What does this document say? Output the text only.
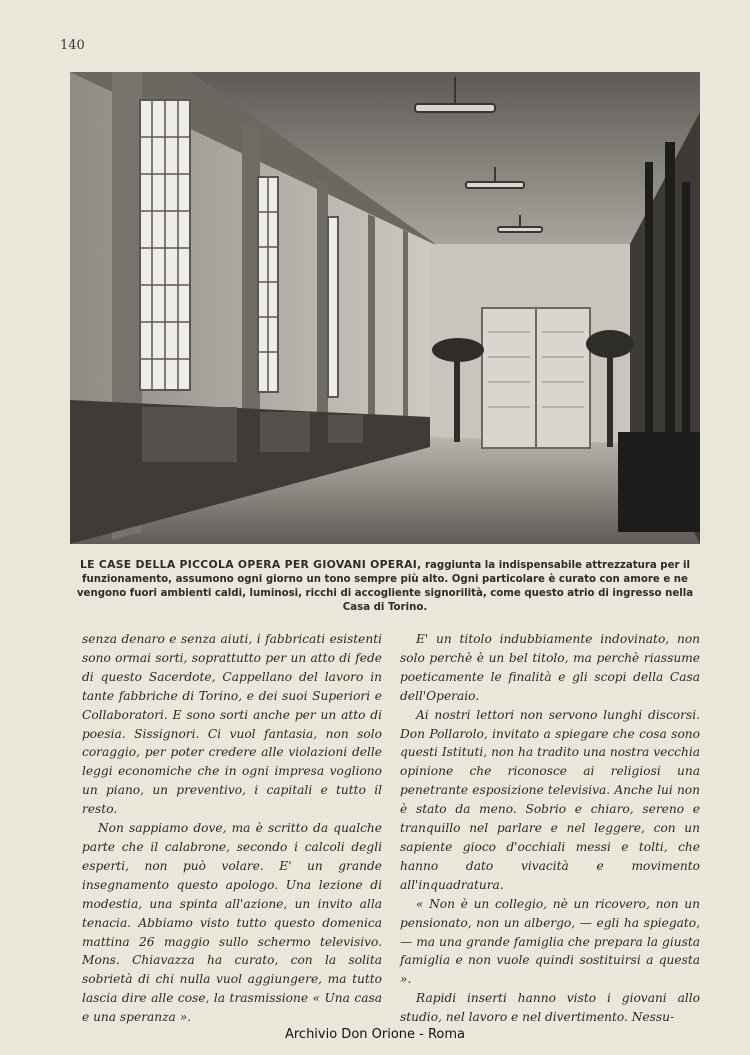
140
LE CASE DELLA PICCOLA OPERA PER GIOVANI OPERAI, raggiunta la indispensabile attrezzatura per il funzionamento, assumono ogni giorno un tono sempre più alto. Ogni particolare è curato con amore e ne vengono fuori ambienti caldi, luminosi, ricchi di accogliente signorilità, come questo atrio di ingresso nella Casa di Torino.

senza denaro e senza aiuti, i fabbricati esistenti sono ormai sorti, soprattutto per un atto di fede di questo Sacerdote, Cappellano del lavoro in tante fabbriche di Torino, e dei suoi Superiori e Collaboratori. E sono sorti anche per un atto di poesia. Sissignori. Ci vuol fantasia, non solo coraggio, per poter credere alle violazioni delle leggi economiche che in ogni impresa vogliono un piano, un preventivo, i capitali e tutto il resto.

Non sappiamo dove, ma è scritto da qualche parte che il calabrone, secondo i calcoli degli esperti, non può volare. E' un grande insegnamento questo apologo. Una lezione di modestia, una spinta all'azione, un invito alla tenacia. Abbiamo visto tutto questo domenica mattina 26 maggio sullo schermo televisivo. Mons. Chiavazza ha curato, con la solita sobrietà di chi nulla vuol aggiungere, ma tutto lascia dire alle cose, la trasmissione « Una casa e una speranza ».

E' un titolo indubbiamente indovinato, non solo perchè è un bel titolo, ma perchè riassume poeticamente le finalità e gli scopi della Casa dell'Operaio.

Ai nostri lettori non servono lunghi discorsi. Don Pollarolo, invitato a spiegare che cosa sono questi Istituti, non ha tradito una nostra vecchia opinione che riconosce ai religiosi una penetrante esposizione televisiva. Anche lui non è stato da meno. Sobrio e chiaro, sereno e tranquillo nel parlare e nel leggere, con un sapiente gioco d'occhiali messi e tolti, che hanno dato vivacità e movimento all'inquadratura.

« Non è un collegio, nè un ricovero, non un pensionato, non un albergo, — egli ha spiegato, — ma una grande famiglia che prepara la giusta famiglia e non vuole quindi sostituirsi a questa ».

Rapidi inserti hanno visto i giovani allo studio, nel lavoro e nel divertimento. Nessu-

Archivio Don Orione - Roma
